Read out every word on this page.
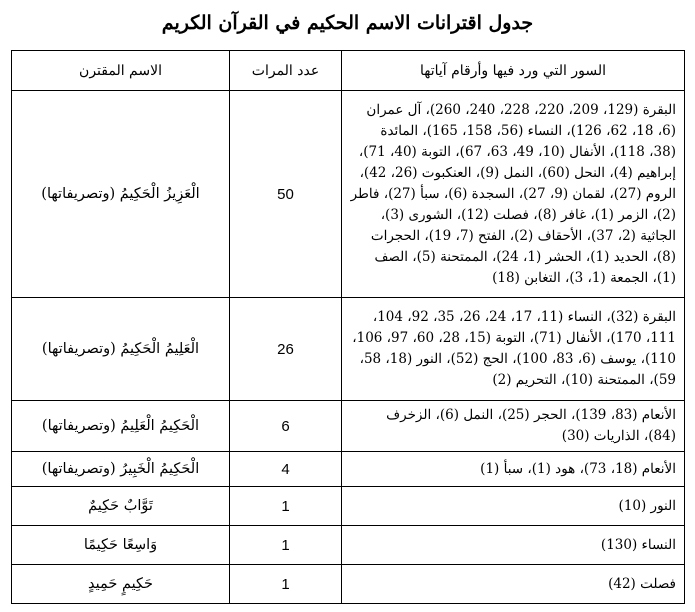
جدول اقترانات الاسم الحكيم في القرآن الكريم
السور التي ورد فيها وأرقام آياتها	عدد المرات	الاسم المقترن
البقرة (129، 209، 220، 228، 240، 260)، آل عمران (6، 18، 62، 126)، النساء (56، 158، 165)، المائدة (38، 118)، الأنفال (10، 49، 63، 67)، التوبة (40، 71)، إبراهيم (4)، النحل (60)، النمل (9)، العنكبوت (26، 42)، الروم (27)، لقمان (9، 27)، السجدة (6)، سبأ (27)، فاطر (2)، الزمر (1)، غافر (8)، فصلت (12)، الشورى (3)، الجاثية (2، 37)، الأحقاف (2)، الفتح (7، 19)، الحجرات (8)، الحديد (1)، الحشر (1، 24)، الممتحنة (5)، الصف (1)، الجمعة (1، 3)، التغابن (18)	50	الْعَزِيزُ الْحَكِيمُ (وتصريفاتها)
البقرة (32)، النساء (11، 17، 24، 26، 35، 92، 104، 111، 170)، الأنفال (71)، التوبة (15، 28، 60، 97، 106، 110)، يوسف (6، 83، 100)، الحج (52)، النور (18، 58، 59)، الممتحنة (10)، التحريم (2)	26	الْعَلِيمُ الْحَكِيمُ (وتصريفاتها)
الأنعام (83، 139)، الحجر (25)، النمل (6)، الزخرف (84)، الذاريات (30)	6	الْحَكِيمُ الْعَلِيمُ (وتصريفاتها)
الأنعام (18، 73)، هود (1)، سبأ (1)	4	الْحَكِيمُ الْخَبِيرُ (وتصريفاتها)
النور (10)	1	تَوَّابٌ حَكِيمٌ
النساء (130)	1	وَاسِعًا حَكِيمًا
فصلت (42)	1	حَكِيمٍ حَمِيدٍ
